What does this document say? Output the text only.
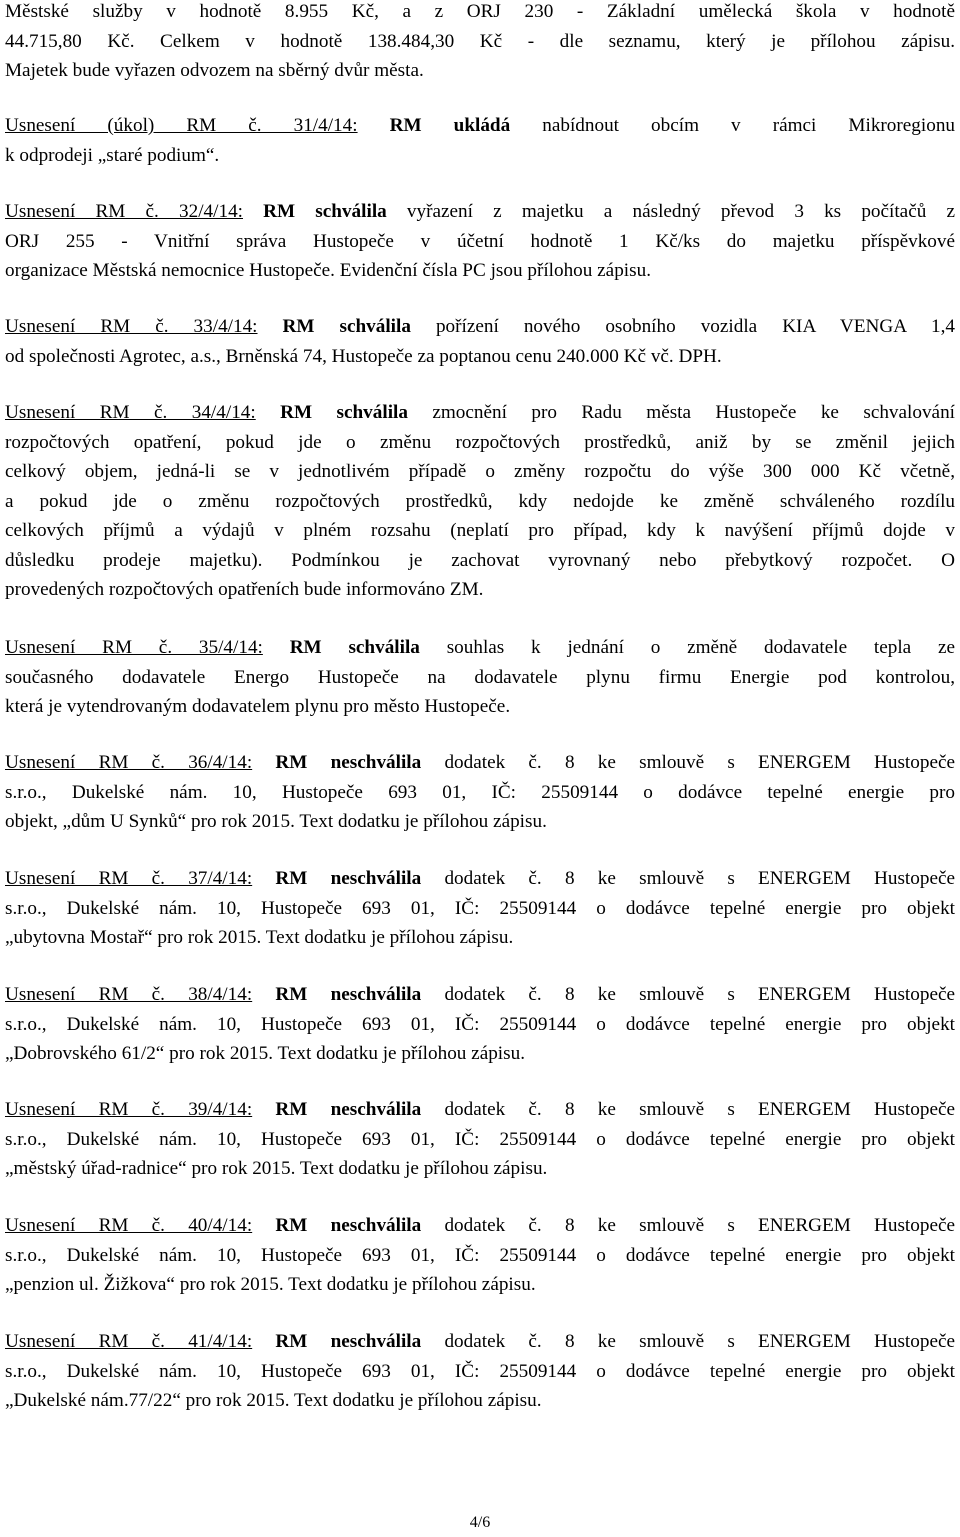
Městské služby v hodnotě 8.955 Kč, a z ORJ 230 - Základní umělecká škola v hodnotě
44.715,80 Kč. Celkem v hodnotě 138.484,30 Kč - dle seznamu, který je přílohou zápisu.
Majetek bude vyřazen odvozem na sběrný dvůr města.
Usnesení (úkol) RM č. 31/4/14: RM ukládá nabídnout obcím v rámci Mikroregionu
k odprodeji „staré podium“.
Usnesení RM č. 32/4/14: RM schválila vyřazení z majetku a následný převod 3 ks počítačů z
ORJ 255 - Vnitřní správa Hustopeče v účetní hodnotě 1 Kč/ks do majetku příspěvkové
organizace Městská nemocnice Hustopeče. Evidenční čísla PC jsou přílohou zápisu.
Usnesení RM č. 33/4/14: RM schválila pořízení nového osobního vozidla KIA VENGA 1,4
od společnosti Agrotec, a.s., Brněnská 74, Hustopeče za poptanou cenu 240.000 Kč vč. DPH.
Usnesení RM č. 34/4/14: RM schválila zmocnění pro Radu města Hustopeče ke schvalování
rozpočtových opatření, pokud jde o změnu rozpočtových prostředků, aniž by se změnil jejich
celkový objem, jedná-li se v jednotlivém případě o změny rozpočtu do výše 300 000 Kč včetně,
a pokud jde o změnu rozpočtových prostředků, kdy nedojde ke změně schváleného rozdílu
celkových příjmů a výdajů v plném rozsahu (neplatí pro případ, kdy k navýšení příjmů dojde v
důsledku prodeje majetku). Podmínkou je zachovat vyrovnaný nebo přebytkový rozpočet. O
provedených rozpočtových opatřeních bude informováno ZM.
Usnesení RM č. 35/4/14: RM schválila souhlas k jednání o změně dodavatele tepla ze
současného dodavatele Energo Hustopeče na dodavatele plynu firmu Energie pod kontrolou,
která je vytendrovaným dodavatelem plynu pro město Hustopeče.
Usnesení RM č. 36/4/14: RM neschválila dodatek č. 8 ke smlouvě s ENERGEM Hustopeče
s.r.o., Dukelské nám. 10, Hustopeče 693 01, IČ: 25509144 o dodávce tepelné energie pro
objekt, „dům U Synků“ pro rok 2015. Text dodatku je přílohou zápisu.
Usnesení RM č. 37/4/14: RM neschválila dodatek č. 8 ke smlouvě s ENERGEM Hustopeče
s.r.o., Dukelské nám. 10, Hustopeče 693 01, IČ: 25509144 o dodávce tepelné energie pro objekt
„ubytovna Mostař“ pro rok 2015. Text dodatku je přílohou zápisu.
Usnesení RM č. 38/4/14: RM neschválila dodatek č. 8 ke smlouvě s ENERGEM Hustopeče
s.r.o., Dukelské nám. 10, Hustopeče 693 01, IČ: 25509144 o dodávce tepelné energie pro objekt
„Dobrovského 61/2“ pro rok 2015. Text dodatku je přílohou zápisu.
Usnesení RM č. 39/4/14: RM neschválila dodatek č. 8 ke smlouvě s ENERGEM Hustopeče
s.r.o., Dukelské nám. 10, Hustopeče 693 01, IČ: 25509144 o dodávce tepelné energie pro objekt
„městský úřad-radnice“ pro rok 2015. Text dodatku je přílohou zápisu.
Usnesení RM č. 40/4/14: RM neschválila dodatek č. 8 ke smlouvě s ENERGEM Hustopeče
s.r.o., Dukelské nám. 10, Hustopeče 693 01, IČ: 25509144 o dodávce tepelné energie pro objekt
„penzion ul. Žižkova“ pro rok 2015. Text dodatku je přílohou zápisu.
Usnesení RM č. 41/4/14: RM neschválila dodatek č. 8 ke smlouvě s ENERGEM Hustopeče
s.r.o., Dukelské nám. 10, Hustopeče 693 01, IČ: 25509144 o dodávce tepelné energie pro objekt
„Dukelské nám.77/22“ pro rok 2015. Text dodatku je přílohou zápisu.
4/6
